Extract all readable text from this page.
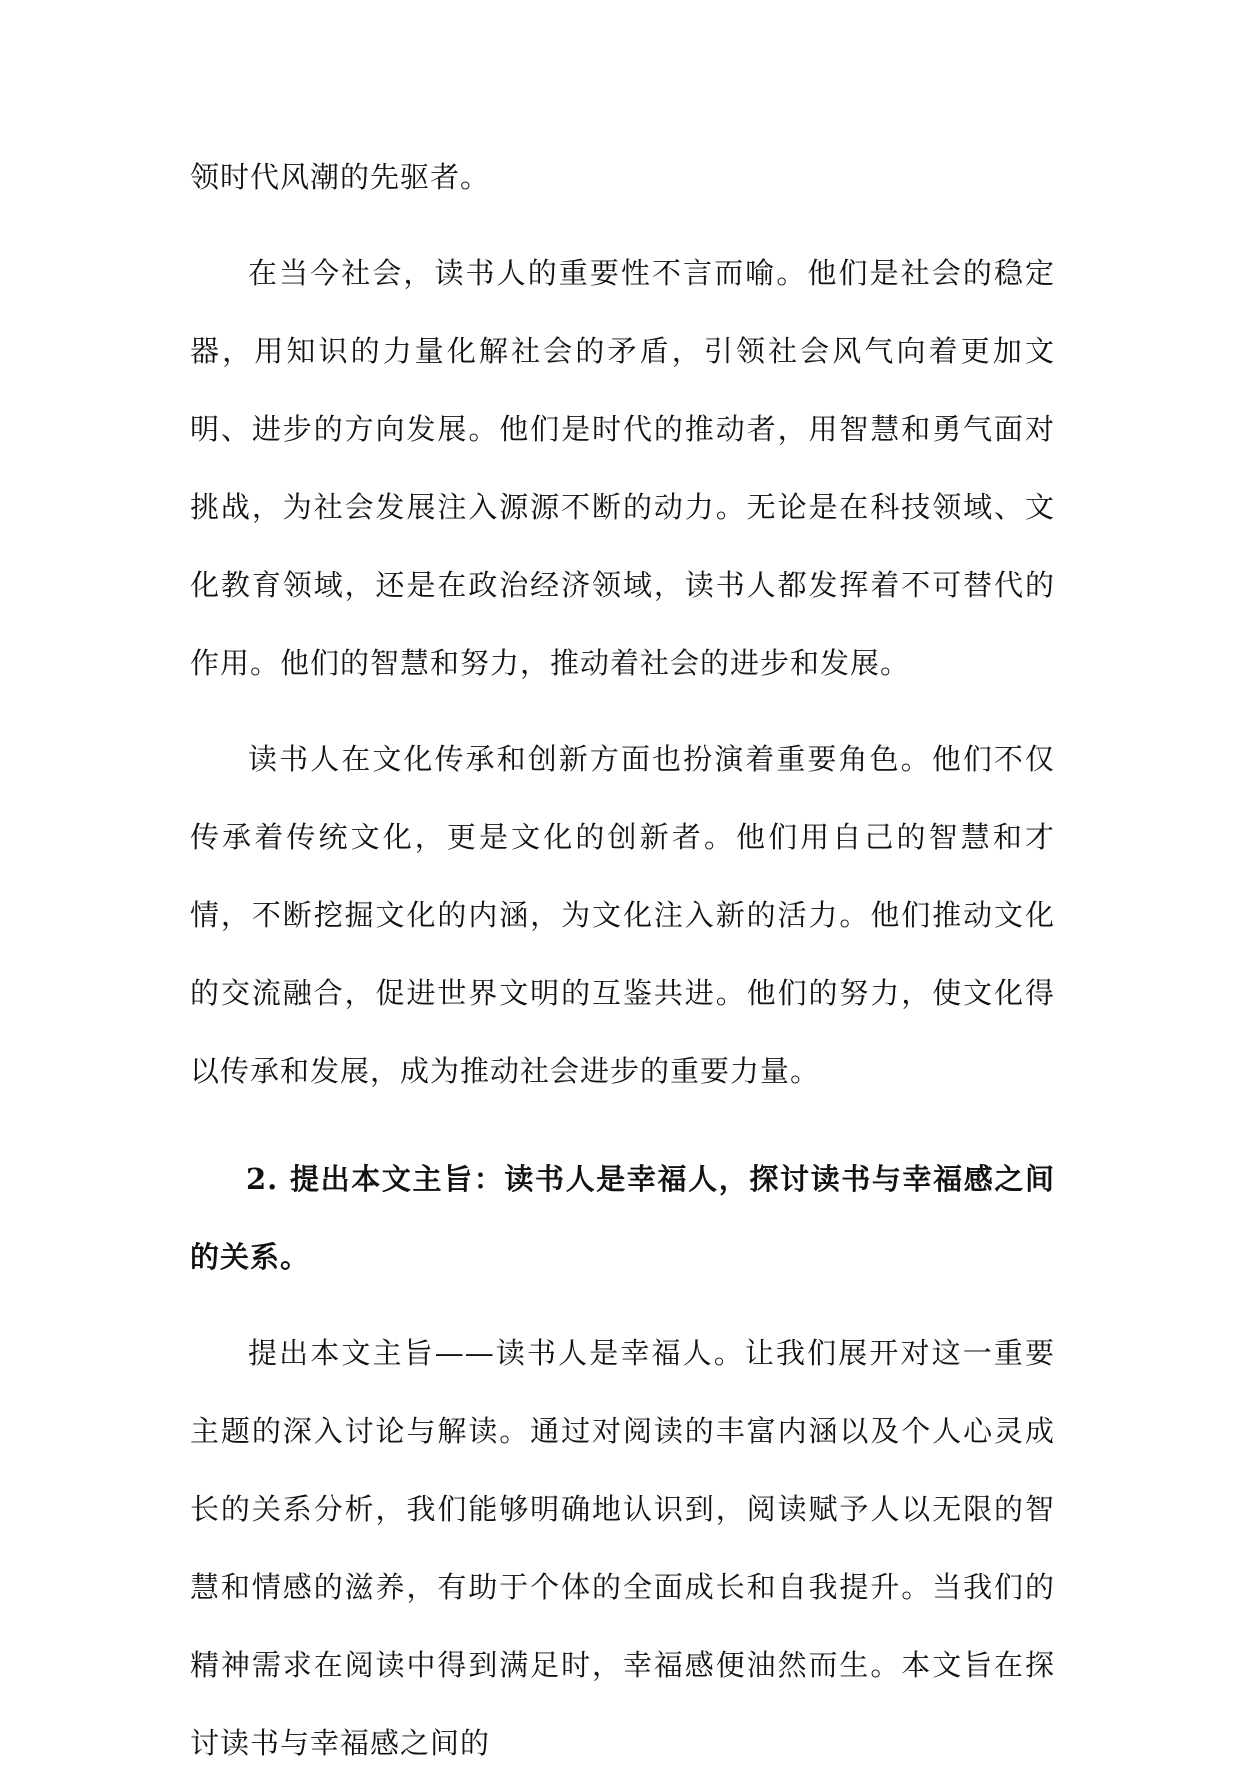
领时代风潮的先驱者。

在当今社会，读书人的重要性不言而喻。他们是社会的稳定器，用知识的力量化解社会的矛盾，引领社会风气向着更加文明、进步的方向发展。他们是时代的推动者，用智慧和勇气面对挑战，为社会发展注入源源不断的动力。无论是在科技领域、文化教育领域，还是在政治经济领域，读书人都发挥着不可替代的作用。他们的智慧和努力，推动着社会的进步和发展。

读书人在文化传承和创新方面也扮演着重要角色。他们不仅传承着传统文化，更是文化的创新者。他们用自己的智慧和才情，不断挖掘文化的内涵，为文化注入新的活力。他们推动文化的交流融合，促进世界文明的互鉴共进。他们的努力，使文化得以传承和发展，成为推动社会进步的重要力量。

2. 提出本文主旨：读书人是幸福人，探讨读书与幸福感之间的关系。

提出本文主旨——读书人是幸福人。让我们展开对这一重要主题的深入讨论与解读。通过对阅读的丰富内涵以及个人心灵成长的关系分析，我们能够明确地认识到，阅读赋予人以无限的智慧和情感的滋养，有助于个体的全面成长和自我提升。当我们的精神需求在阅读中得到满足时，幸福感便油然而生。本文旨在探讨读书与幸福感之间的
